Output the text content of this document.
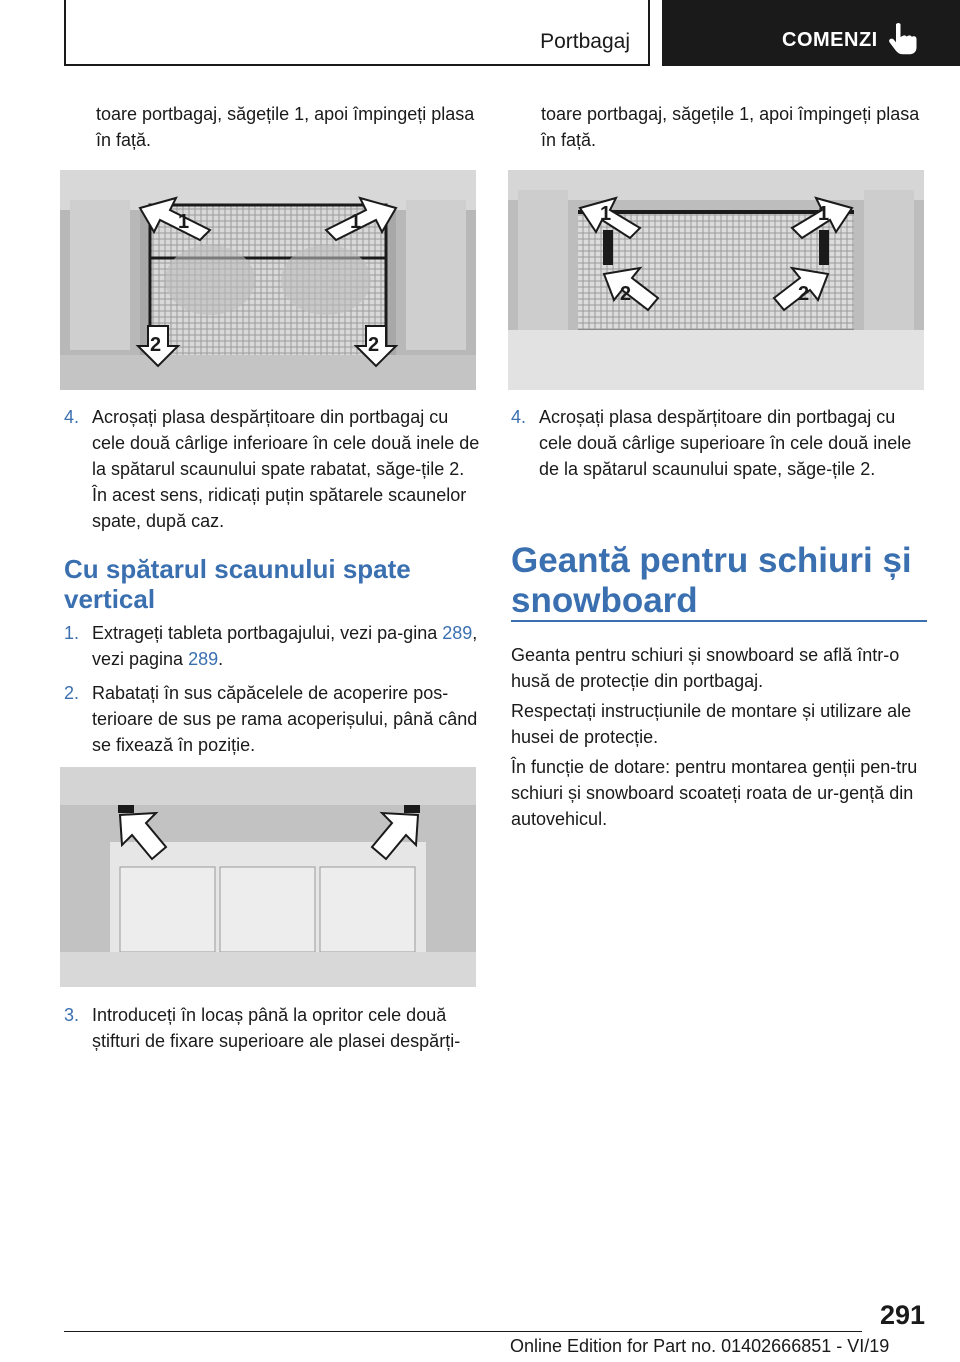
Portbagaj	COMENZI
toare portbagaj, săgețile 1, apoi împingeți plasa în față.
1	1
2	2
4. Acroșați plasa despărțitoare din portbagaj cu cele două cârlige inferioare în cele două inele de la spătarul scaunului spate rabatat, săge-țile 2. În acest sens, ridicați puțin spătarele scaunelor spate, după caz.
Cu spătarul scaunului spate vertical
1. Extrageți tableta portbagajului, vezi pa-gina 289, vezi pagina 289.
2. Rabatați în sus căpăcelele de acoperire pos-terioare de sus pe rama acoperișului, până când se fixează în poziție.
3. Introduceți în locaș până la opritor cele două știfturi de fixare superioare ale plasei despărți-
toare portbagaj, săgețile 1, apoi împingeți plasa în față.
1	1
2	2
4. Acroșați plasa despărțitoare din portbagaj cu cele două cârlige superioare în cele două inele de la spătarul scaunului spate, săge-țile 2.
Geantă pentru schiuri și snowboard
Geanta pentru schiuri și snowboard se află într-o husă de protecție din portbagaj.
Respectați instrucțiunile de montare și utilizare ale husei de protecție.
În funcție de dotare: pentru montarea genții pen-tru schiuri și snowboard scoateți roata de ur-gență din autovehicul.
291
Online Edition for Part no. 01402666851 - VI/19
